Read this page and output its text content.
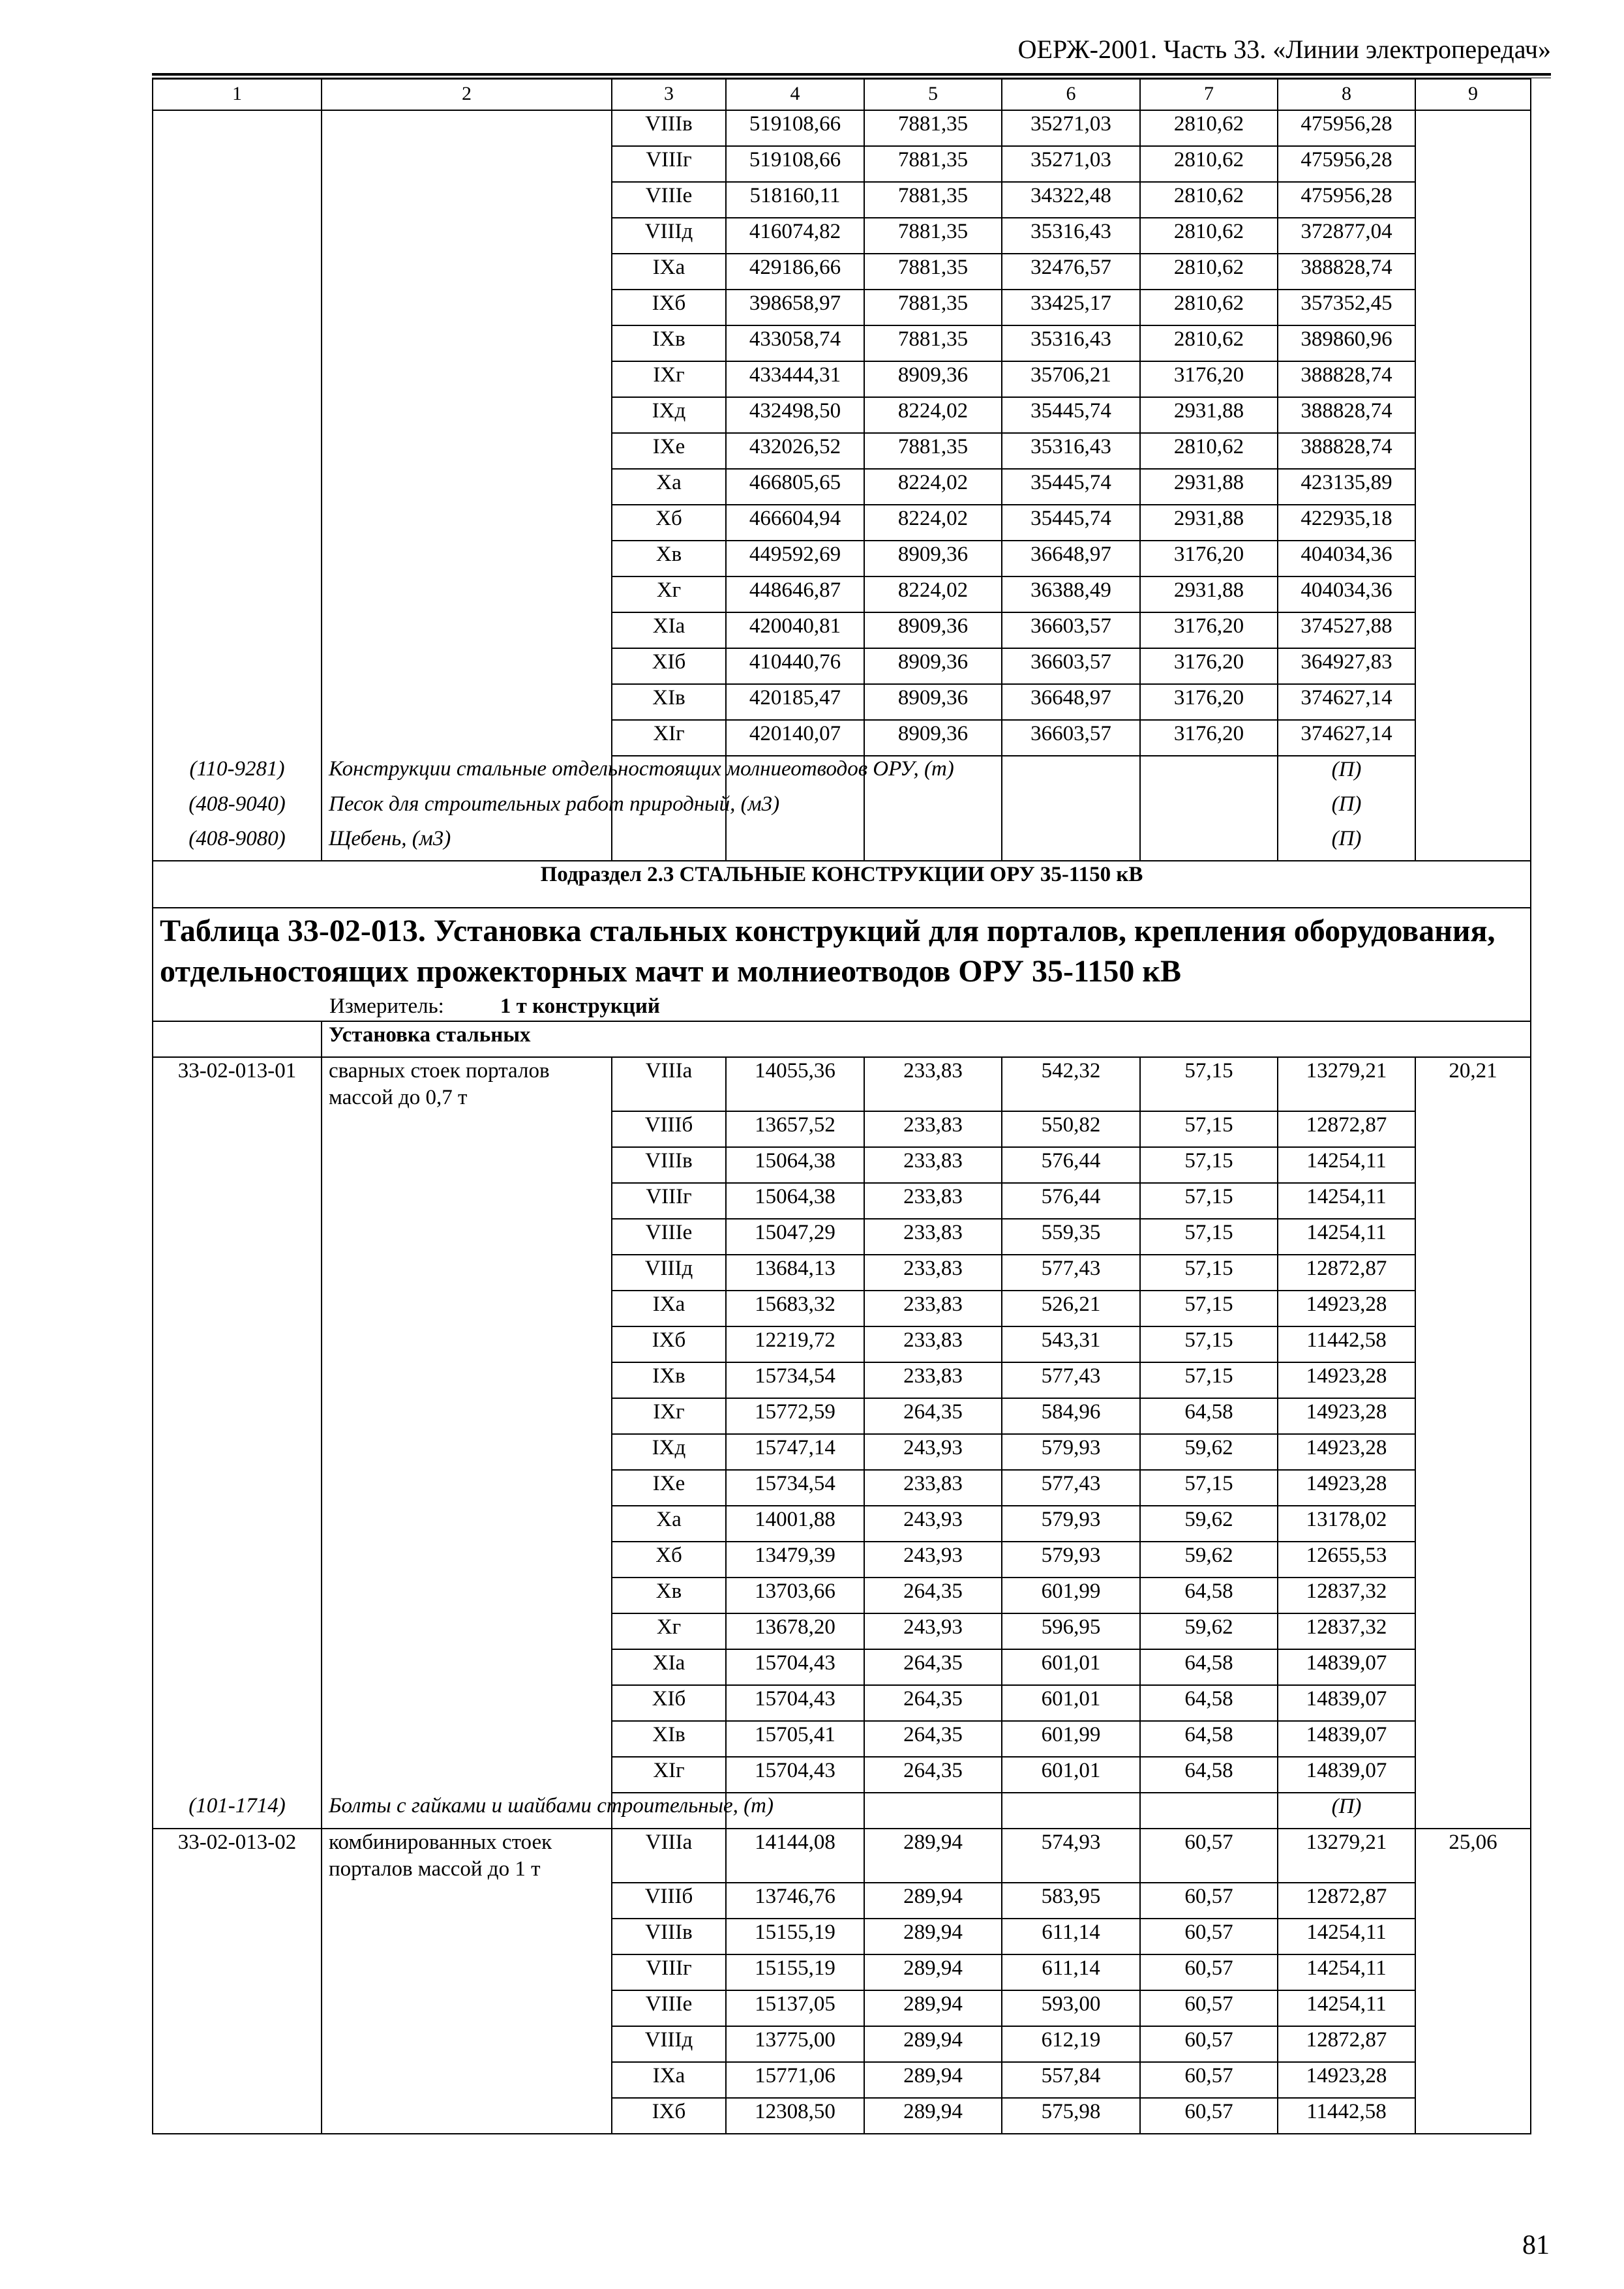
ОЕРЖ-2001. Часть 33. «Линии электропередач»
1	2	3	4	5	6	7	8	9
		VIIIв	519108,66	7881,35	35271,03	2810,62	475956,28	
		VIIIг	519108,66	7881,35	35271,03	2810,62	475956,28	
		VIIIе	518160,11	7881,35	34322,48	2810,62	475956,28	
		VIIIд	416074,82	7881,35	35316,43	2810,62	372877,04	
		IXа	429186,66	7881,35	32476,57	2810,62	388828,74	
		IXб	398658,97	7881,35	33425,17	2810,62	357352,45	
		IXв	433058,74	7881,35	35316,43	2810,62	389860,96	
		IXг	433444,31	8909,36	35706,21	3176,20	388828,74	
		IXд	432498,50	8224,02	35445,74	2931,88	388828,74	
		IXе	432026,52	7881,35	35316,43	2810,62	388828,74	
		Xа	466805,65	8224,02	35445,74	2931,88	423135,89	
		Xб	466604,94	8224,02	35445,74	2931,88	422935,18	
		Xв	449592,69	8909,36	36648,97	3176,20	404034,36	
		Xг	448646,87	8224,02	36388,49	2931,88	404034,36	
		XIа	420040,81	8909,36	36603,57	3176,20	374527,88	
		XIб	410440,76	8909,36	36603,57	3176,20	364927,83	
		XIв	420185,47	8909,36	36648,97	3176,20	374627,14	
		XIг	420140,07	8909,36	36603,57	3176,20	374627,14	
(110-9281)	Конструкции стальные отдельностоящих молниеотводов ОРУ, (т)						(П)	
(408-9040)	Песок для строительных работ природный, (м3)						(П)	
(408-9080)	Щебень, (м3)						(П)	
Подраздел 2.3 СТАЛЬНЫЕ КОНСТРУКЦИИ ОРУ 35-1150 кВ								

Таблица 33-02-013. Установка стальных конструкций для порталов, крепления оборудования, отдельностоящих прожекторных мачт и молниеотводов ОРУ 35-1150 кВ
Измеритель: 1 т конструкций								

	Установка стальных							
33-02-013-01	сварных стоек порталов массой до 0,7 т	VIIIа	14055,36	233,83	542,32	57,15	13279,21	20,21
		VIIIб	13657,52	233,83	550,82	57,15	12872,87	
		VIIIв	15064,38	233,83	576,44	57,15	14254,11	
		VIIIг	15064,38	233,83	576,44	57,15	14254,11	
		VIIIе	15047,29	233,83	559,35	57,15	14254,11	
		VIIIд	13684,13	233,83	577,43	57,15	12872,87	
		IXа	15683,32	233,83	526,21	57,15	14923,28	
		IXб	12219,72	233,83	543,31	57,15	11442,58	
		IXв	15734,54	233,83	577,43	57,15	14923,28	
		IXг	15772,59	264,35	584,96	64,58	14923,28	
		IXд	15747,14	243,93	579,93	59,62	14923,28	
		IXе	15734,54	233,83	577,43	57,15	14923,28	
		Xа	14001,88	243,93	579,93	59,62	13178,02	
		Xб	13479,39	243,93	579,93	59,62	12655,53	
		Xв	13703,66	264,35	601,99	64,58	12837,32	
		Xг	13678,20	243,93	596,95	59,62	12837,32	
		XIа	15704,43	264,35	601,01	64,58	14839,07	
		XIб	15704,43	264,35	601,01	64,58	14839,07	
		XIв	15705,41	264,35	601,99	64,58	14839,07	
		XIг	15704,43	264,35	601,01	64,58	14839,07	
(101-1714)	Болты с гайками и шайбами строительные, (т)						(П)	
33-02-013-02	комбинированных стоек порталов массой до 1 т	VIIIа	14144,08	289,94	574,93	60,57	13279,21	25,06
		VIIIб	13746,76	289,94	583,95	60,57	12872,87	
		VIIIв	15155,19	289,94	611,14	60,57	14254,11	
		VIIIг	15155,19	289,94	611,14	60,57	14254,11	
		VIIIе	15137,05	289,94	593,00	60,57	14254,11	
		VIIIд	13775,00	289,94	612,19	60,57	12872,87	
		IXа	15771,06	289,94	557,84	60,57	14923,28	
		IXб	12308,50	289,94	575,98	60,57	11442,58	
81
